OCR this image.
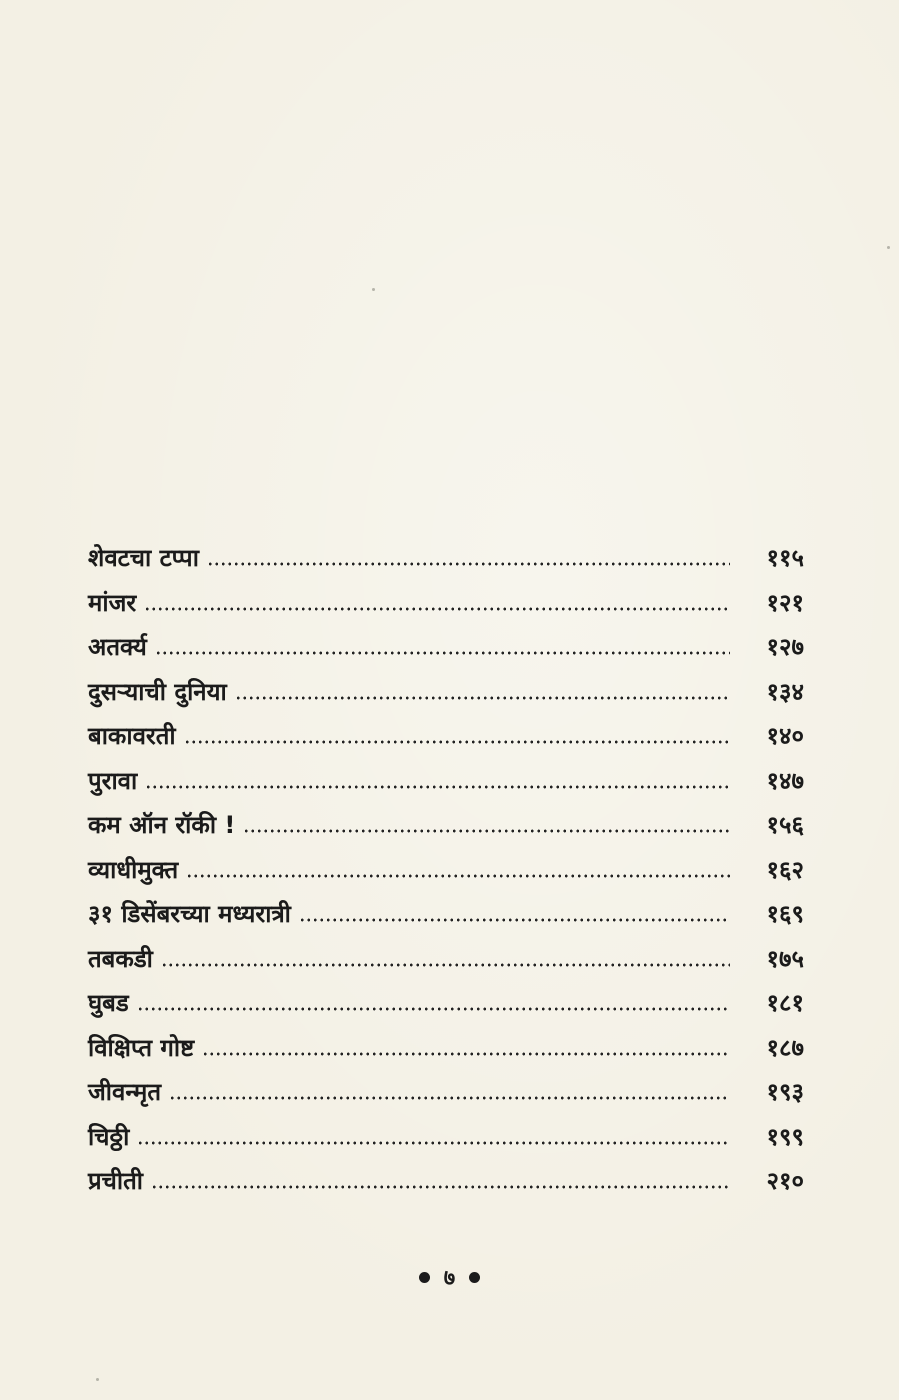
शेवटचा टप्पा	११५
मांजर	१२१
अतर्क्य	१२७
दुसऱ्याची दुनिया	१३४
बाकावरती	१४०
पुरावा	१४७
कम ऑन रॉकी !	१५६
व्याधीमुक्त	१६२
३१ डिसेंबरच्या मध्यरात्री	१६९
तबकडी	१७५
घुबड	१८१
विक्षिप्त गोष्ट	१८७
जीवन्मृत	१९३
चिठ्ठी	१९९
प्रचीती	२१०
७
